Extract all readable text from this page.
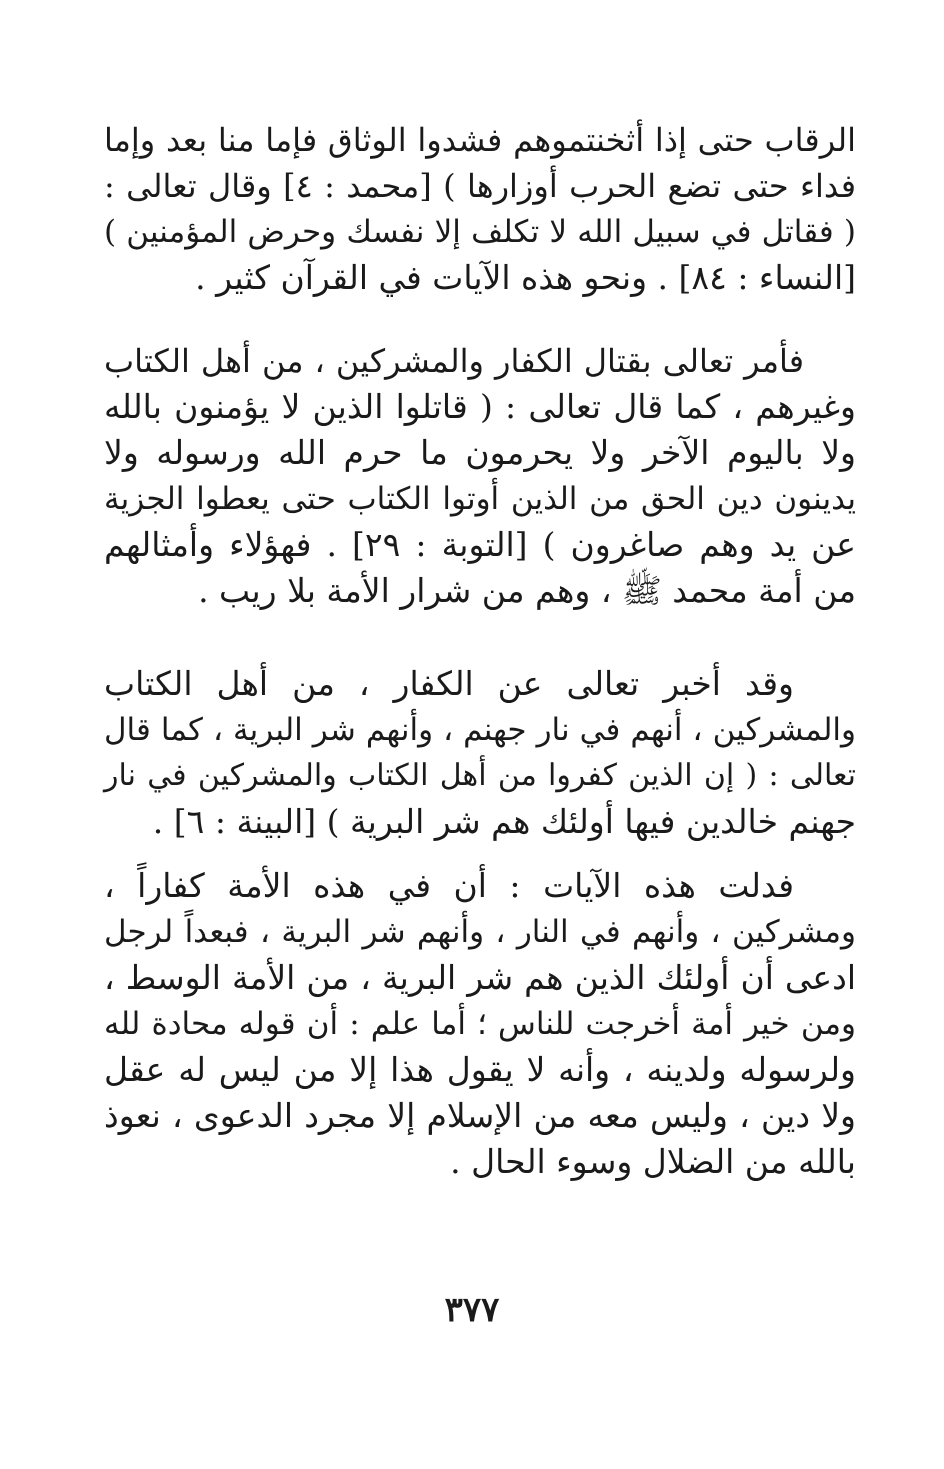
الرقاب حتى إذا أثخنتموهم فشدوا الوثاق فإما منا بعد وإما
فداء حتى تضع الحرب أوزارها ) [محمد : ٤] وقال تعالى :
( فقاتل في سبيل الله لا تكلف إلا نفسك وحرض المؤمنين )
[النساء : ٨٤] . ونحو هذه الآيات في القرآن كثير .
فأمر تعالى بقتال الكفار والمشركين ، من أهل الكتاب
وغيرهم ، كما قال تعالى : ( قاتلوا الذين لا يؤمنون بالله
ولا باليوم الآخر ولا يحرمون ما حرم الله ورسوله ولا
يدينون دين الحق من الذين أوتوا الكتاب حتى يعطوا الجزية
عن يد وهم صاغرون ) [التوبة : ٢٩] . فهؤلاء وأمثالهم
من أمة محمد ﷺ ، وهم من شرار الأمة بلا ريب .
وقد أخبر تعالى عن الكفار ، من أهل الكتاب
والمشركين ، أنهم في نار جهنم ، وأنهم شر البرية ، كما قال
تعالى : ( إن الذين كفروا من أهل الكتاب والمشركين في نار
جهنم خالدين فيها أولئك هم شر البرية ) [البينة : ٦] .
فدلت هذه الآيات : أن في هذه الأمة كفاراً ،
ومشركين ، وأنهم في النار ، وأنهم شر البرية ، فبعداً لرجل
ادعى أن أولئك الذين هم شر البرية ، من الأمة الوسط ،
ومن خير أمة أخرجت للناس ؛ أما علم : أن قوله محادة لله
ولرسوله ولدينه ، وأنه لا يقول هذا إلا من ليس له عقل
ولا دين ، وليس معه من الإسلام إلا مجرد الدعوى ، نعوذ
بالله من الضلال وسوء الحال .
٣٧٧
